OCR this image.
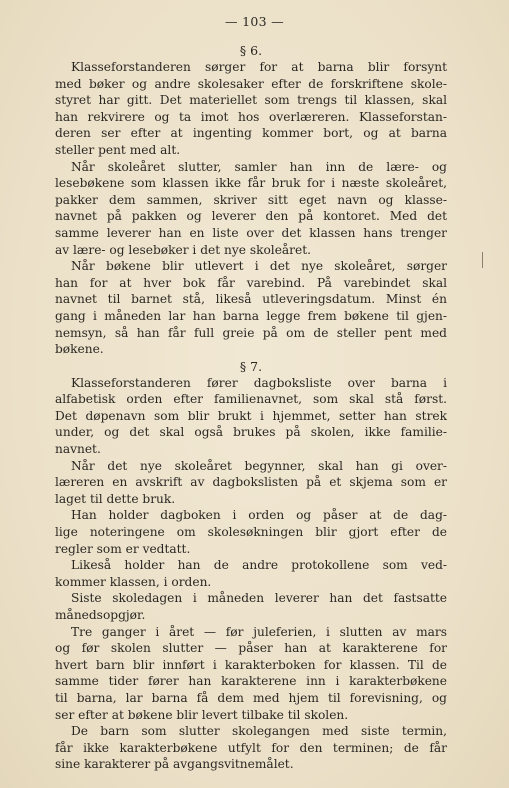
— 103 —
§ 6.
Klasseforstanderen sørger for at barna blir forsynt
med bøker og andre skolesaker efter de forskriftene skole-
styret har gitt. Det materiellet som trengs til klassen, skal
han rekvirere og ta imot hos overlæreren. Klasseforstan-
deren ser efter at ingenting kommer bort, og at barna
steller pent med alt.
Når skoleåret slutter, samler han inn de lære- og
lesebøkene som klassen ikke får bruk for i næste skoleåret,
pakker dem sammen, skriver sitt eget navn og klasse-
navnet på pakken og leverer den på kontoret. Med det
samme leverer han en liste over det klassen hans trenger
av lære- og lesebøker i det nye skoleåret.
Når bøkene blir utlevert i det nye skoleåret, sørger
han for at hver bok får varebind. På varebindet skal
navnet til barnet stå, likeså utleveringsdatum. Minst én
gang i måneden lar han barna legge frem bøkene til gjen-
nemsyn, så han får full greie på om de steller pent med
bøkene.
§ 7.
Klasseforstanderen fører dagboksliste over barna i
alfabetisk orden efter familienavnet, som skal stå først.
Det døpenavn som blir brukt i hjemmet, setter han strek
under, og det skal også brukes på skolen, ikke familie-
navnet.
Når det nye skoleåret begynner, skal han gi over-
læreren en avskrift av dagbokslisten på et skjema som er
laget til dette bruk.
Han holder dagboken i orden og påser at de dag-
lige noteringene om skolesøkningen blir gjort efter de
regler som er vedtatt.
Likeså holder han de andre protokollene som ved-
kommer klassen, i orden.
Siste skoledagen i måneden leverer han det fastsatte
månedsopgjør.
Tre ganger i året — før juleferien, i slutten av mars
og før skolen slutter — påser han at karakterene for
hvert barn blir innført i karakterboken for klassen. Til de
samme tider fører han karakterene inn i karakterbøkene
til barna, lar barna få dem med hjem til forevisning, og
ser efter at bøkene blir levert tilbake til skolen.
De barn som slutter skolegangen med siste termin,
får ikke karakterbøkene utfylt for den terminen; de får
sine karakterer på avgangsvitnemålet.
